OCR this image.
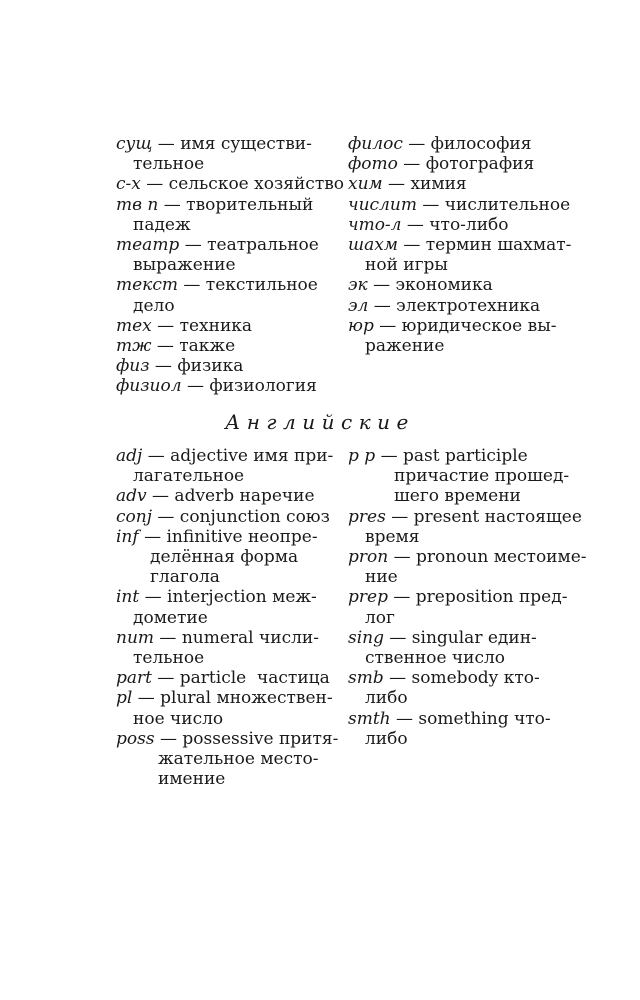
сущ — имя существи-
тельное
с-х — сельское хозяйство
тв п — творительный
падеж
театр — театральное
выражение
текст — текстильное
дело
тех — техника
тж — также
физ — физика
физиол — физиология
филос — философия
фото — фотография
хим — химия
числит — числительное
что-л — что-либо
шахм — термин шахмат-
ной игры
эк — экономика
эл — электротехника
юр — юридическое вы-
ражение
Английские
adj — adjective имя при-
лагательное
adv — adverb наречие
conj — conjunction союз
inf — infinitive неопре-
делённая форма
глагола
int — interjection меж-
дометие
num — numeral числи-
тельное
part — particle  частица
pl — plural множествен-
ное число
poss — possessive притя-
жательное место-
имение
p p — past participle
причастие прошед-
шего времени
pres — present настоящее
время
pron — pronoun местоиме-
ние
prep — preposition пред-
лог
sing — singular един-
ственное число
smb — somebody кто-
либо
smth — something что-
либо
